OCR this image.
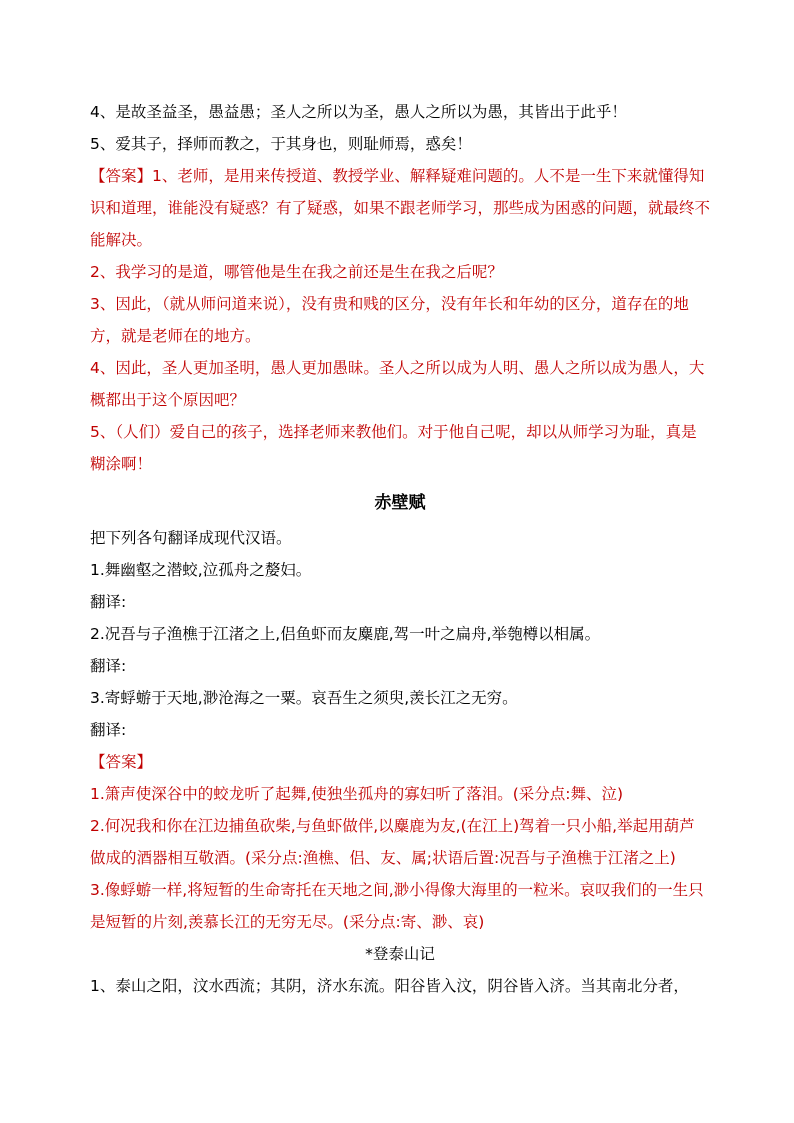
4、是故圣益圣，愚益愚；圣人之所以为圣，愚人之所以为愚，其皆出于此乎！

5、爱其子，择师而教之，于其身也，则耻师焉，惑矣！

【答案】1、老师，是用来传授道、教授学业、解释疑难问题的。人不是一生下来就懂得知识和道理，谁能没有疑惑？有了疑惑，如果不跟老师学习，那些成为困惑的问题，就最终不能解决。

2、我学习的是道，哪管他是生在我之前还是生在我之后呢？

3、因此，（就从师问道来说），没有贵和贱的区分，没有年长和年幼的区分，道存在的地方，就是老师在的地方。

4、因此，圣人更加圣明，愚人更加愚昧。圣人之所以成为人明、愚人之所以成为愚人，大概都出于这个原因吧？

5、（人们）爱自己的孩子，选择老师来教他们。对于他自己呢，却以从师学习为耻，真是糊涂啊！

赤壁赋

把下列各句翻译成现代汉语。

1.舞幽壑之潜蛟,泣孤舟之嫠妇。

翻译:

2.况吾与子渔樵于江渚之上,侣鱼虾而友麋鹿,驾一叶之扁舟,举匏樽以相属。

翻译:

3.寄蜉蝣于天地,渺沧海之一粟。哀吾生之须臾,羡长江之无穷。

翻译:

【答案】

1.箫声使深谷中的蛟龙听了起舞,使独坐孤舟的寡妇听了落泪。(采分点:舞、泣)

2.何况我和你在江边捕鱼砍柴,与鱼虾做伴,以麋鹿为友,(在江上)驾着一只小船,举起用葫芦做成的酒器相互敬酒。(采分点:渔樵、侣、友、属;状语后置:况吾与子渔樵于江渚之上)

3.像蜉蝣一样,将短暂的生命寄托在天地之间,渺小得像大海里的一粒米。哀叹我们的一生只是短暂的片刻,羡慕长江的无穷无尽。(采分点:寄、渺、哀)

*登泰山记

1、泰山之阳，汶水西流；其阴，济水东流。阳谷皆入汶，阴谷皆入济。当其南北分者，
